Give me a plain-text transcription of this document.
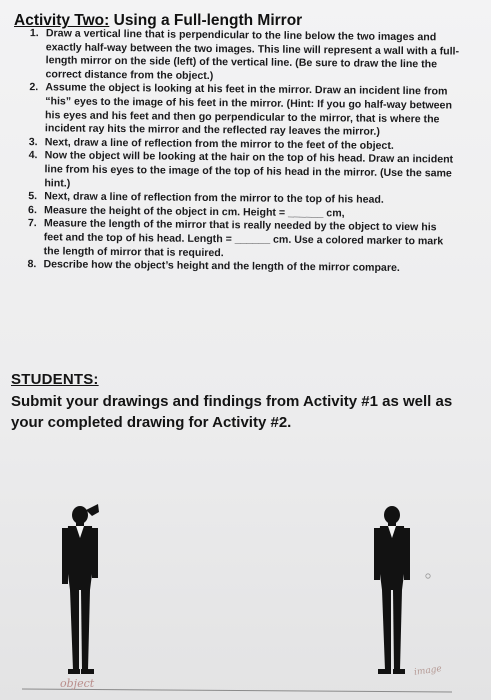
Activity Two: Using a Full-length Mirror
1. Draw a vertical line that is perpendicular to the line below the two images and exactly half-way between the two images. This line will represent a wall with a full-length mirror on the side (left) of the vertical line. (Be sure to draw the line the correct distance from the object.)
2. Assume the object is looking at his feet in the mirror. Draw an incident line from “his” eyes to the image of his feet in the mirror. (Hint: If you go half-way between his eyes and his feet and then go perpendicular to the mirror, that is where the incident ray hits the mirror and the reflected ray leaves the mirror.)
3. Next, draw a line of reflection from the mirror to the feet of the object.
4. Now the object will be looking at the hair on the top of his head. Draw an incident line from his eyes to the image of the top of his head in the mirror. (Use the same hint.)
5. Next, draw a line of reflection from the mirror to the top of his head.
6. Measure the height of the object in cm. Height = ______ cm,
7. Measure the length of the mirror that is really needed by the object to view his feet and the top of his head. Length = ______ cm. Use a colored marker to mark the length of mirror that is required.
8. Describe how the object’s height and the length of the mirror compare.
STUDENTS:
Submit your drawings and findings from Activity #1 as well as your completed drawing for Activity #2.
object
image
